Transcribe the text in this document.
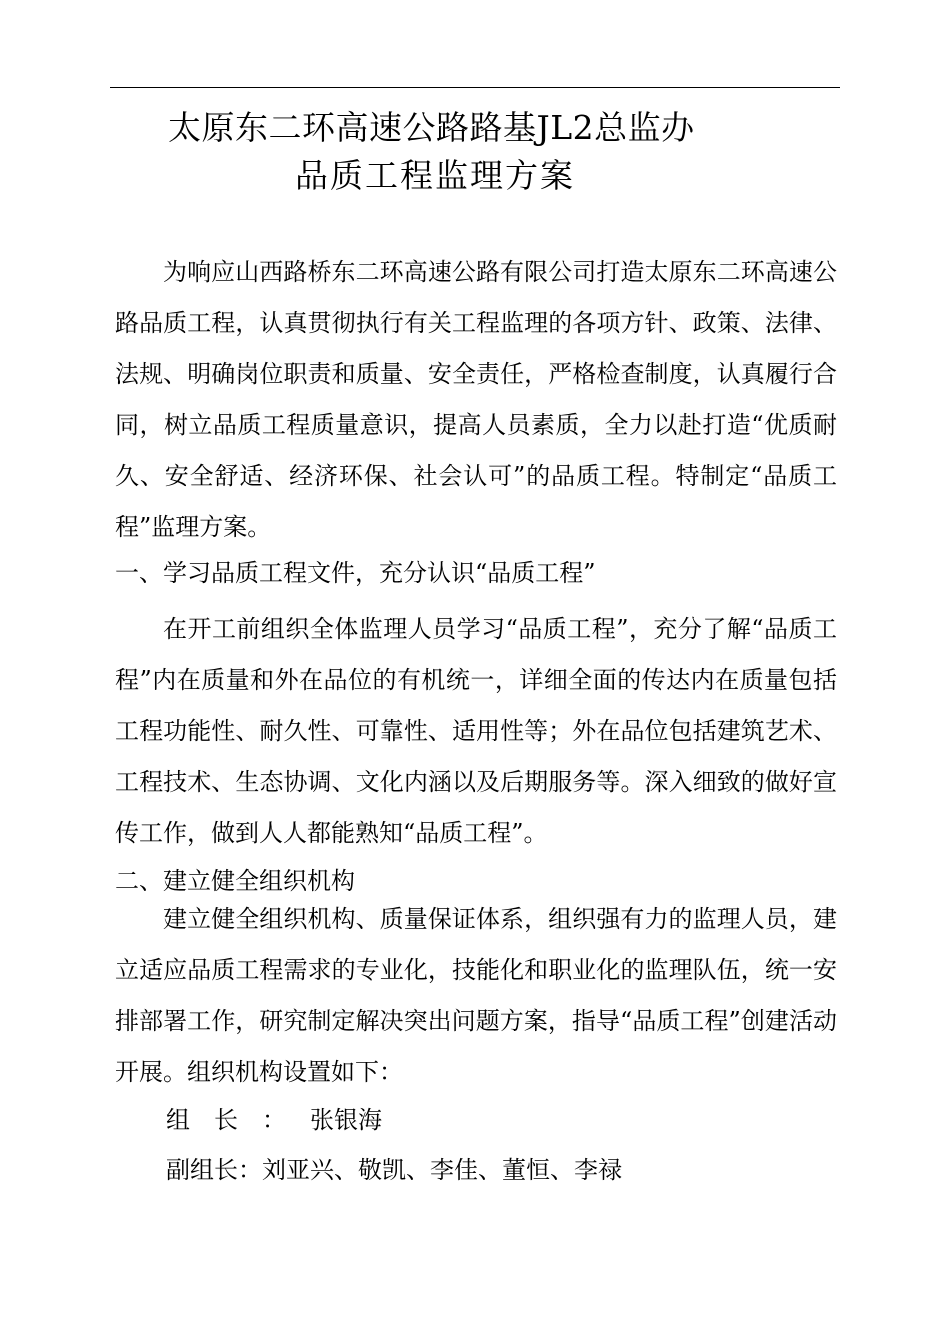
太原东二环高速公路路基JL2总监办
品质工程监理方案

为响应山西路桥东二环高速公路有限公司打造太原东二环高速公路品质工程，认真贯彻执行有关工程监理的各项方针、政策、法律、法规、明确岗位职责和质量、安全责任，严格检查制度，认真履行合同，树立品质工程质量意识，提高人员素质，全力以赴打造“优质耐久、安全舒适、经济环保、社会认可”的品质工程。特制定“品质工程”监理方案。

一、学习品质工程文件，充分认识“品质工程”

在开工前组织全体监理人员学习“品质工程”，充分了解“品质工程”内在质量和外在品位的有机统一，详细全面的传达内在质量包括工程功能性、耐久性、可靠性、适用性等；外在品位包括建筑艺术、工程技术、生态协调、文化内涵以及后期服务等。深入细致的做好宣传工作，做到人人都能熟知“品质工程”。

二、建立健全组织机构

建立健全组织机构、质量保证体系，组织强有力的监理人员，建立适应品质工程需求的专业化，技能化和职业化的监理队伍，统一安排部署工作，研究制定解决突出问题方案，指导“品质工程”创建活动开展。组织机构设置如下：

组长：张银海
副组长：刘亚兴、敬凯、李佳、董恒、李禄
